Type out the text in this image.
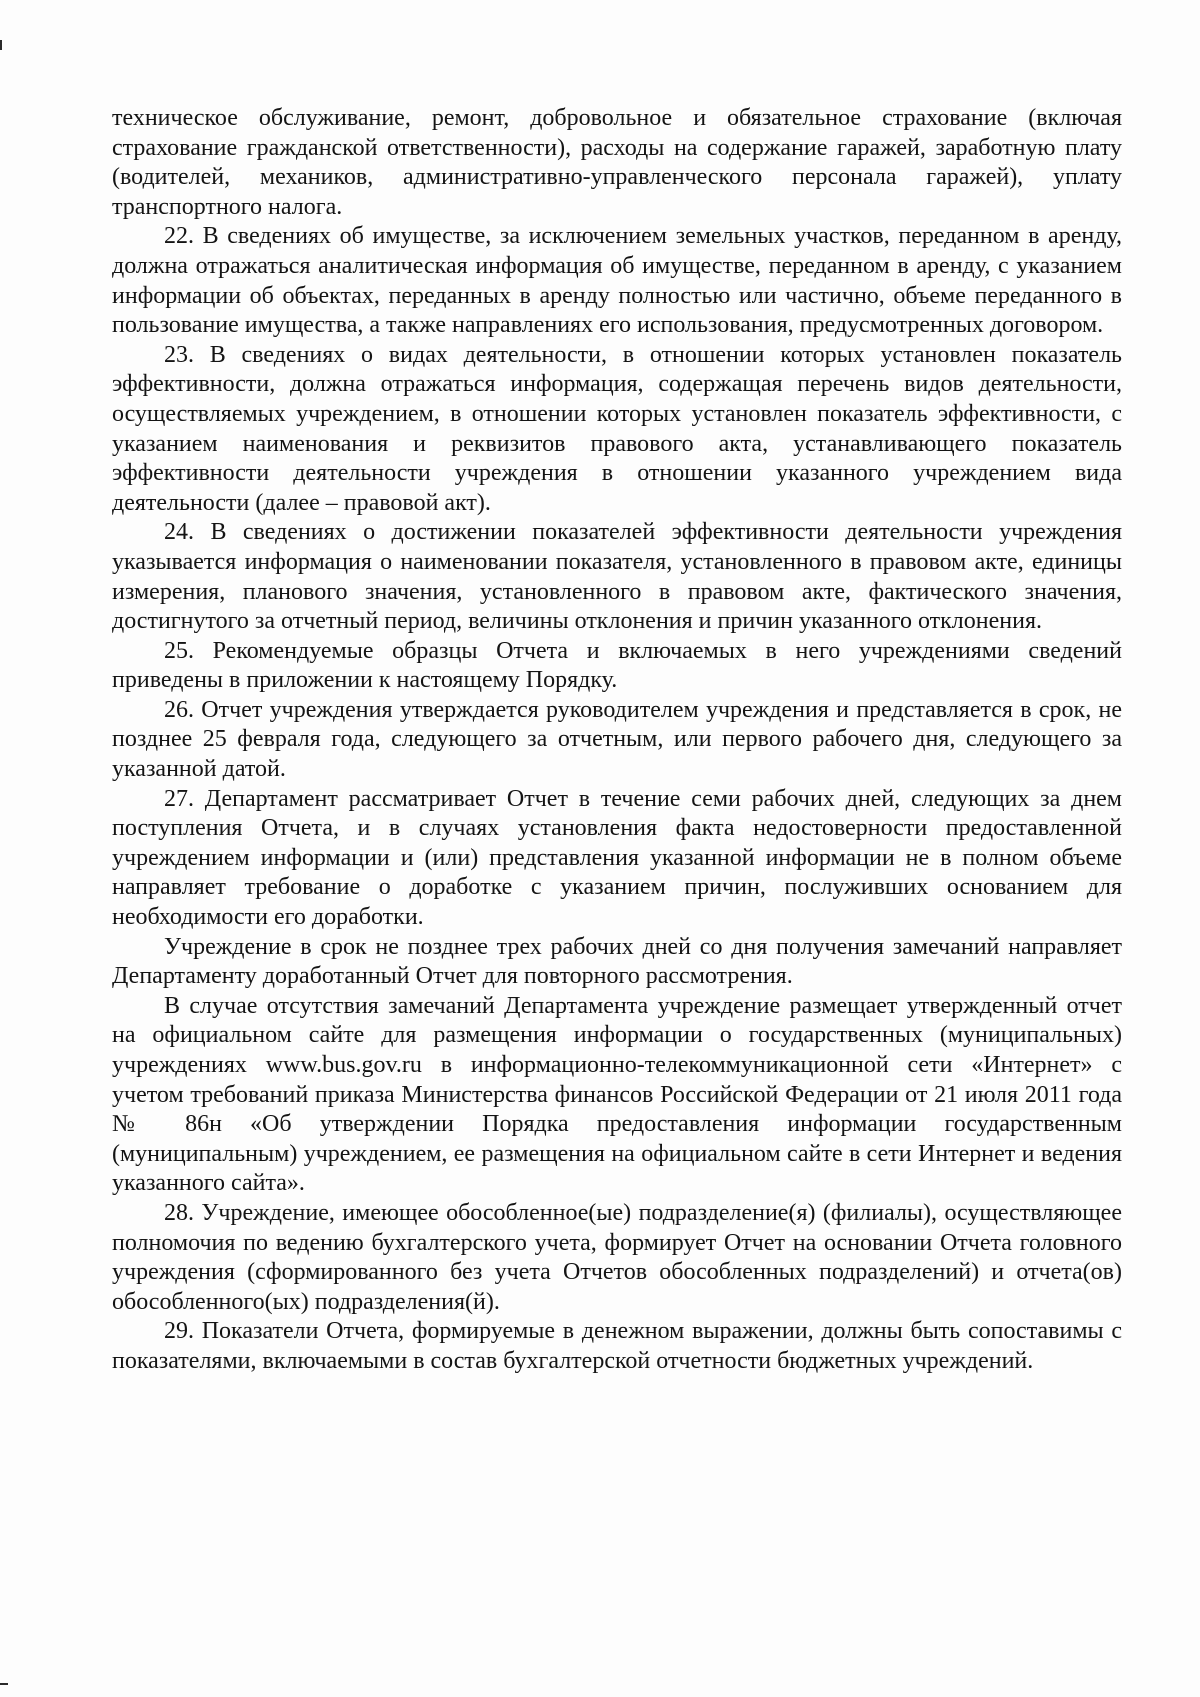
техническое обслуживание, ремонт, добровольное и обязательное страхование (включая страхование гражданской ответственности), расходы на содержание гаражей, заработную плату (водителей, механиков, административно-управленческого персонала гаражей), уплату транспортного налога.

22. В сведениях об имуществе, за исключением земельных участков, переданном в аренду, должна отражаться аналитическая информация об имуществе, переданном в аренду, с указанием информации об объектах, переданных в аренду полностью или частично, объеме переданного в пользование имущества, а также направлениях его использования, предусмотренных договором.

23. В сведениях о видах деятельности, в отношении которых установлен показатель эффективности, должна отражаться информация, содержащая перечень видов деятельности, осуществляемых учреждением, в отношении которых установлен показатель эффективности, с указанием наименования и реквизитов правового акта, устанавливающего показатель эффективности деятельности учреждения в отношении указанного учреждением вида деятельности (далее – правовой акт).

24. В сведениях о достижении показателей эффективности деятельности учреждения указывается информация о наименовании показателя, установленного в правовом акте, единицы измерения, планового значения, установленного в правовом акте, фактического значения, достигнутого за отчетный период, величины отклонения и причин указанного отклонения.

25. Рекомендуемые образцы Отчета и включаемых в него учреждениями сведений приведены в приложении к настоящему Порядку.

26. Отчет учреждения утверждается руководителем учреждения и представляется в срок, не позднее 25 февраля года, следующего за отчетным, или первого рабочего дня, следующего за указанной датой.

27. Департамент рассматривает Отчет в течение семи рабочих дней, следующих за днем поступления Отчета, и в случаях установления факта недостоверности предоставленной учреждением информации и (или) представления указанной информации не в полном объеме направляет требование о доработке с указанием причин, послуживших основанием для необходимости его доработки.

Учреждение в срок не позднее трех рабочих дней со дня получения замечаний направляет Департаменту доработанный Отчет для повторного рассмотрения.

В случае отсутствия замечаний Департамента учреждение размещает утвержденный отчет на официальном сайте для размещения информации о государственных (муниципальных) учреждениях www.bus.gov.ru в информационно-телекоммуникационной сети «Интернет» с учетом требований приказа Министерства финансов Российской Федерации от 21 июля 2011 года № 86н «Об утверждении Порядка предоставления информации государственным (муниципальным) учреждением, ее размещения на официальном сайте в сети Интернет и ведения указанного сайта».

28. Учреждение, имеющее обособленное(ые) подразделение(я) (филиалы), осуществляющее полномочия по ведению бухгалтерского учета, формирует Отчет на основании Отчета головного учреждения (сформированного без учета Отчетов обособленных подразделений) и отчета(ов) обособленного(ых) подразделения(й).

29. Показатели Отчета, формируемые в денежном выражении, должны быть сопоставимы с показателями, включаемыми в состав бухгалтерской отчетности бюджетных учреждений.
